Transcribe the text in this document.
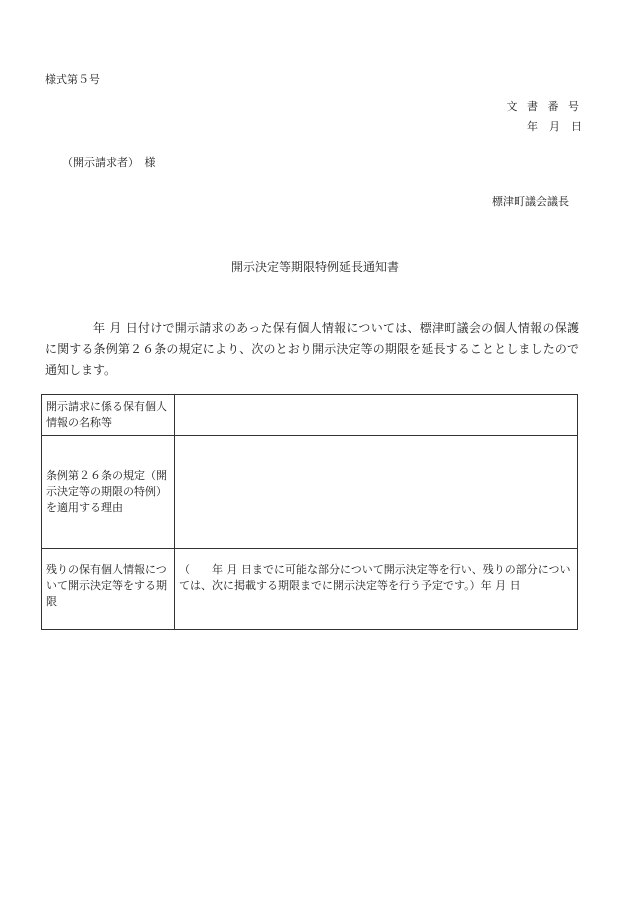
様式第５号
文 書 番 号
年　月　日
（開示請求者）　様
標津町議会議長
開示決定等期限特例延長通知書
年 月 日付けで開示請求のあった保有個人情報については、標津町議会の個人情報の保護に関する条例第２６条の規定により、次のとおり開示決定等の期限を延長することとしましたので通知します。
開示請求に係る保有個人情報の名称等	
条例第２６条の規定（開示決定等の期限の特例）を適用する理由	
残りの保有個人情報について開示決定等をする期限	（　　年 月 日までに可能な部分について開示決定等を行い、残りの部分については、次に掲載する期限までに開示決定等を行う予定です。）年 月 日
